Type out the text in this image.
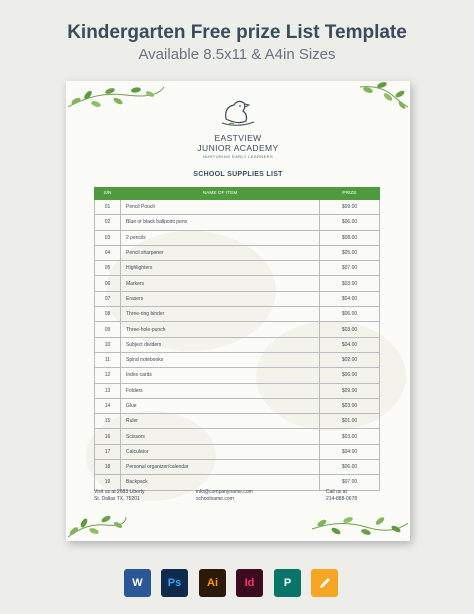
Kindergarten Free prize List Template
Available 8.5x11 & A4in Sizes
EASTVIEW
JUNIOR ACADEMY
NURTURING EARLY LEARNERS
SCHOOL SUPPLIES LIST
S/N	NAME OF ITEM	PRIZE
01	Pencil Pouch	$09.00
02	Blue or black ballpoint pens	$06.00
03	2 pencils	$08.00
04	Pencil sharpener	$05.00
05	Highlighters	$07.00
06	Markers	$03.00
07	Erasers	$04.00
08	Three-ring binder	$06.00
09	Three-hole-punch	$03.00
10	Subject dividers	$04.00
11	Spiral notebooks	$02.00
12	Index cards	$06.00
13	Folders	$09.00
14	Glue	$03.00
15	Ruler	$01.00
16	Scissors	$03.00
17	Calculator	$04.00
18	Personal organizer/calendar	$06.00
19	Backpack	$07.00
Visit us at 2683 Liberty
St. Dallas TX, 75201
info@companyname.com
schoolname.com
Call us at
214-888-0678
W Ps Ai Id	P
